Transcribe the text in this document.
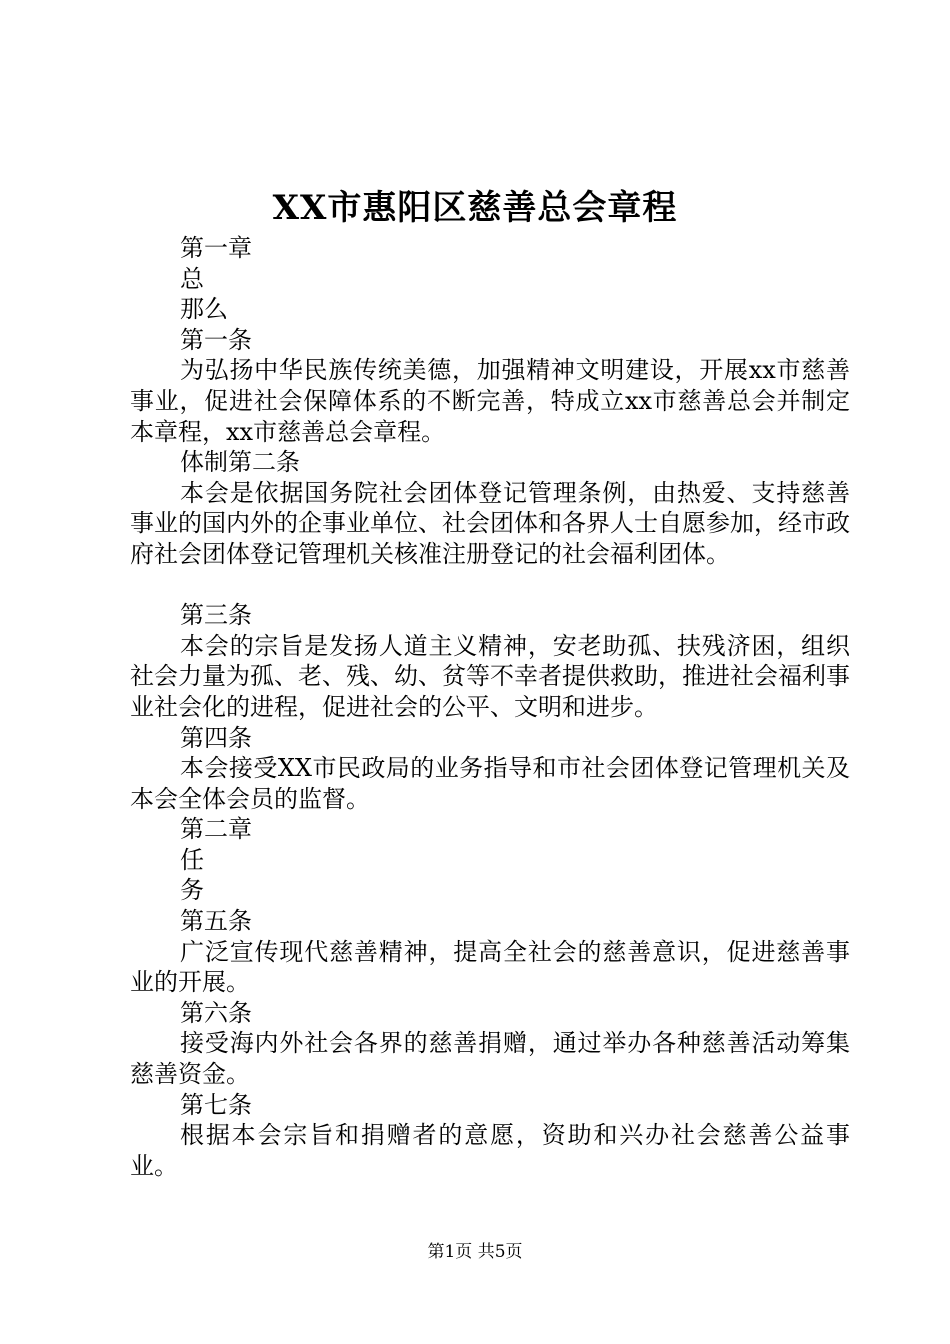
XX市惠阳区慈善总会章程
第一章
总
那么
第一条
为弘扬中华民族传统美德，加强精神文明建设，开展xx市慈善事业，促进社会保障体系的不断完善，特成立xx市慈善总会并制定本章程，xx市慈善总会章程。
体制第二条
本会是依据国务院社会团体登记管理条例，由热爱、支持慈善事业的国内外的企事业单位、社会团体和各界人士自愿参加，经市政府社会团体登记管理机关核准注册登记的社会福利团体。
第三条
本会的宗旨是发扬人道主义精神，安老助孤、扶残济困，组织社会力量为孤、老、残、幼、贫等不幸者提供救助，推进社会福利事业社会化的进程，促进社会的公平、文明和进步。
第四条
本会接受XX市民政局的业务指导和市社会团体登记管理机关及本会全体会员的监督。
第二章
任
务
第五条
广泛宣传现代慈善精神，提高全社会的慈善意识，促进慈善事业的开展。
第六条
接受海内外社会各界的慈善捐赠，通过举办各种慈善活动筹集慈善资金。
第七条
根据本会宗旨和捐赠者的意愿，资助和兴办社会慈善公益事业。
第1页 共5页
